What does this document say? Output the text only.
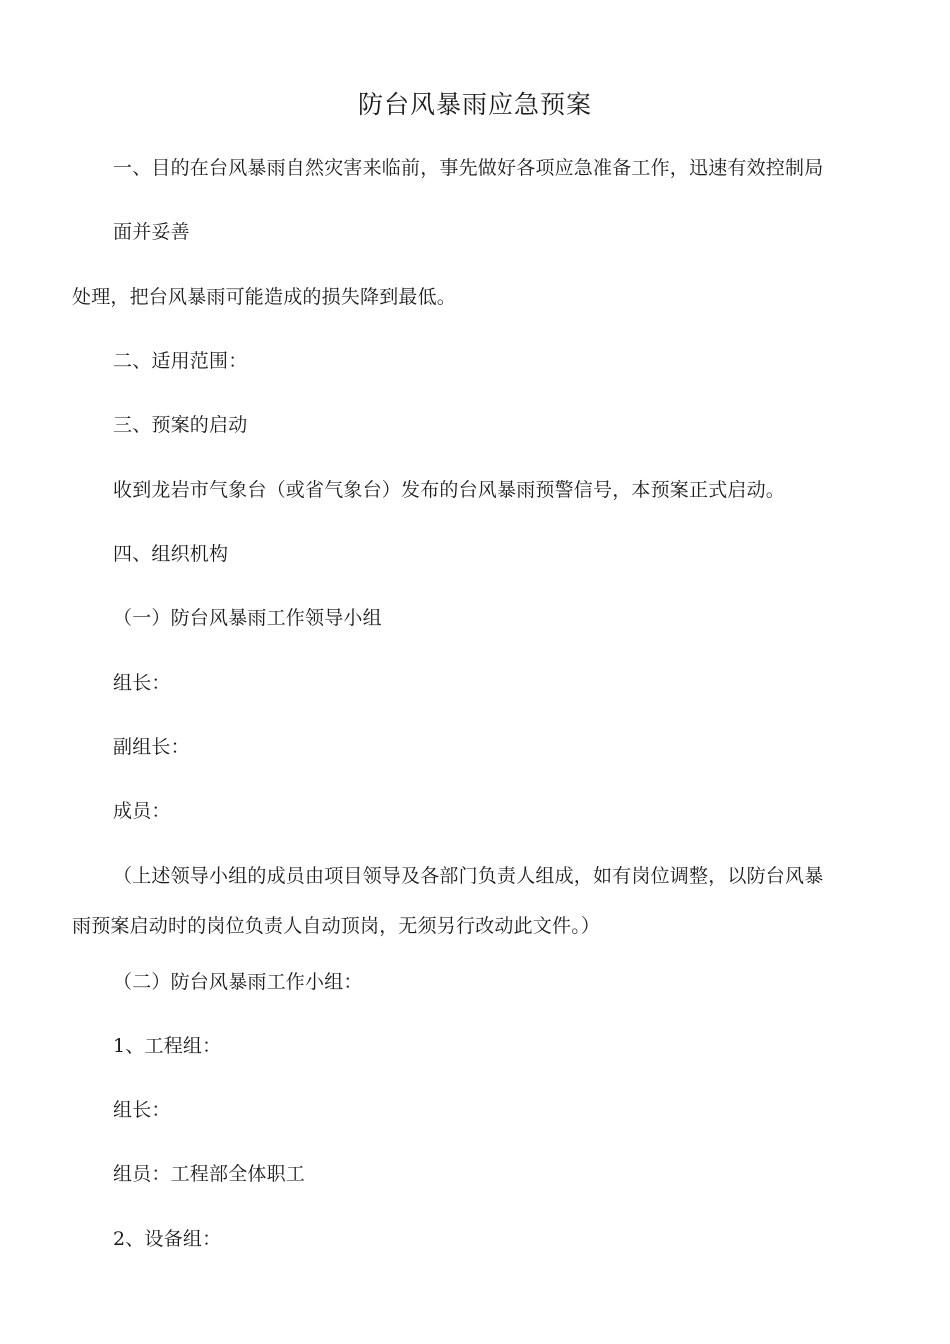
防台风暴雨应急预案
一、目的在台风暴雨自然灾害来临前，事先做好各项应急准备工作，迅速有效控制局
面并妥善
处理，把台风暴雨可能造成的损失降到最低。
二、适用范围：
三、预案的启动
收到龙岩市气象台（或省气象台）发布的台风暴雨预警信号，本预案正式启动。
四、组织机构
（一）防台风暴雨工作领导小组
组长：
副组长：
成员：
（上述领导小组的成员由项目领导及各部门负责人组成，如有岗位调整，以防台风暴
雨预案启动时的岗位负责人自动顶岗，无须另行改动此文件。）
（二）防台风暴雨工作小组：
1、工程组：
组长：
组员：工程部全体职工
2、设备组：
